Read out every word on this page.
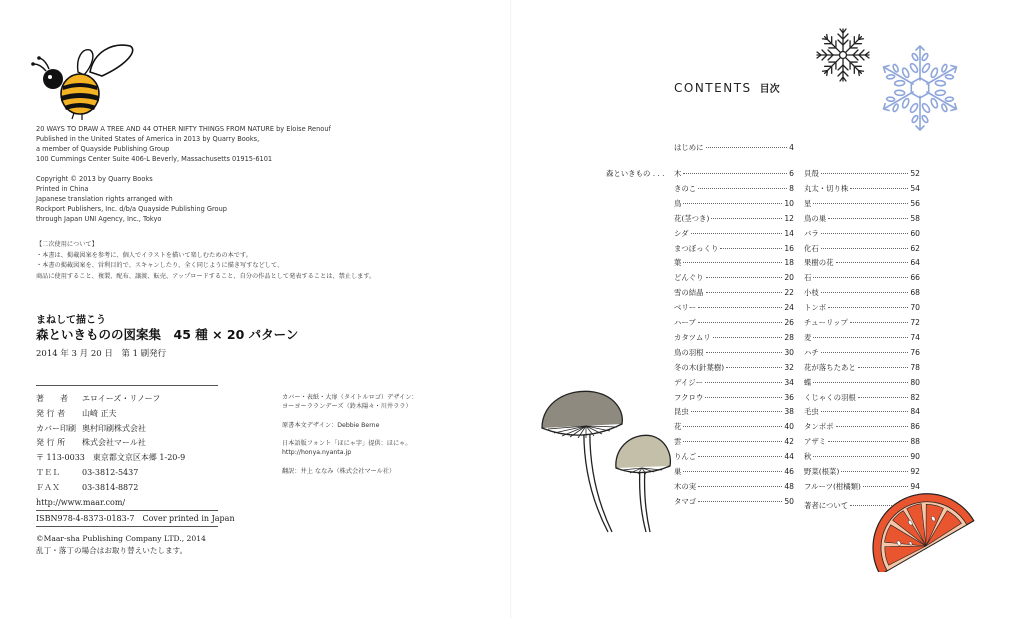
20 WAYS TO DRAW A TREE AND 44 OTHER NIFTY THINGS FROM NATURE by Eloise Renouf
Published in the United States of America in 2013 by Quarry Books,
a member of Quayside Publishing Group
100 Cummings Center Suite 406-L Beverly, Massachusetts 01915-6101
Copyright © 2013 by Quarry Books
Printed in China
Japanese translation rights arranged with
Rockport Publishers, Inc. d/b/a Quayside Publishing Group
through Japan UNI Agency, Inc., Tokyo
【二次使用について】
・本書は、掲載図案を参考に、個人でイラストを描いて楽しむための本です。
・本書の掲載図案を、営利目的で、スキャンしたり、全く同じように描き写すなどして、
商品に使用すること、複製、配布、譲渡、転売、アップロードすること、自分の作品として発表することは、禁止します。
まねして描こう
森といきものの図案集　45 種 × 20 パターン
2014 年 3 月 20 日　第 1 刷発行
著　　者	エロイーズ・リノーフ
発 行 者	山崎 正夫
カバー印刷 奥村印刷株式会社
発 行 所	株式会社マール社
〒 113-0033　東京都文京区本郷 1-20-9
ＴＥＬ	03-3812-5437
ＦＡＸ	03-3814-8872
http://www.maar.com/
ISBN978-4-8373-0183-7　Cover printed in Japan
©Maar-sha Publishing Company LTD., 2014
乱丁・落丁の場合はお取り替えいたします。
カバー・表紙・大扉（タイトルロゴ）デザイン：
ヨーヨーラランデーズ（鈴木陽々・川井ララ）

原書本文デザイン：Debbie Berne

日本語版フォント「ほにゃ字」提供：ほにゃ。
http://honya.nyanta.jp

翻訳：井上 ななみ（株式会社マール社）
CONTENTS 目次
はじめに	4
森といきもの . . . 木	6
きのこ	8
鳥	10
花(茎つき)	12
シダ	14
まつぼっくり	16
葉	18
どんぐり	20
雪の結晶	22
ベリー	24
ハーブ	26
カタツムリ	28
鳥の羽根	30
冬の木(針葉樹)	32
デイジー	34
フクロウ	36
昆虫	38
花	40
雲	42
りんご	44
巣	46
木の実	48
タマゴ	50
貝殻	52
丸太・切り株	54
星	56
鳥の巣	58
バラ	60
化石	62
果樹の花	64
石	66
小枝	68
トンボ	70
チューリップ	72
麦	74
ハチ	76
花が落ちたあと	78
蝶	80
くじゃくの羽根	82
毛虫	84
タンポポ	86
アザミ	88
秋	90
野菜(根菜)	92
フルーツ(柑橘類)	94
著者について
